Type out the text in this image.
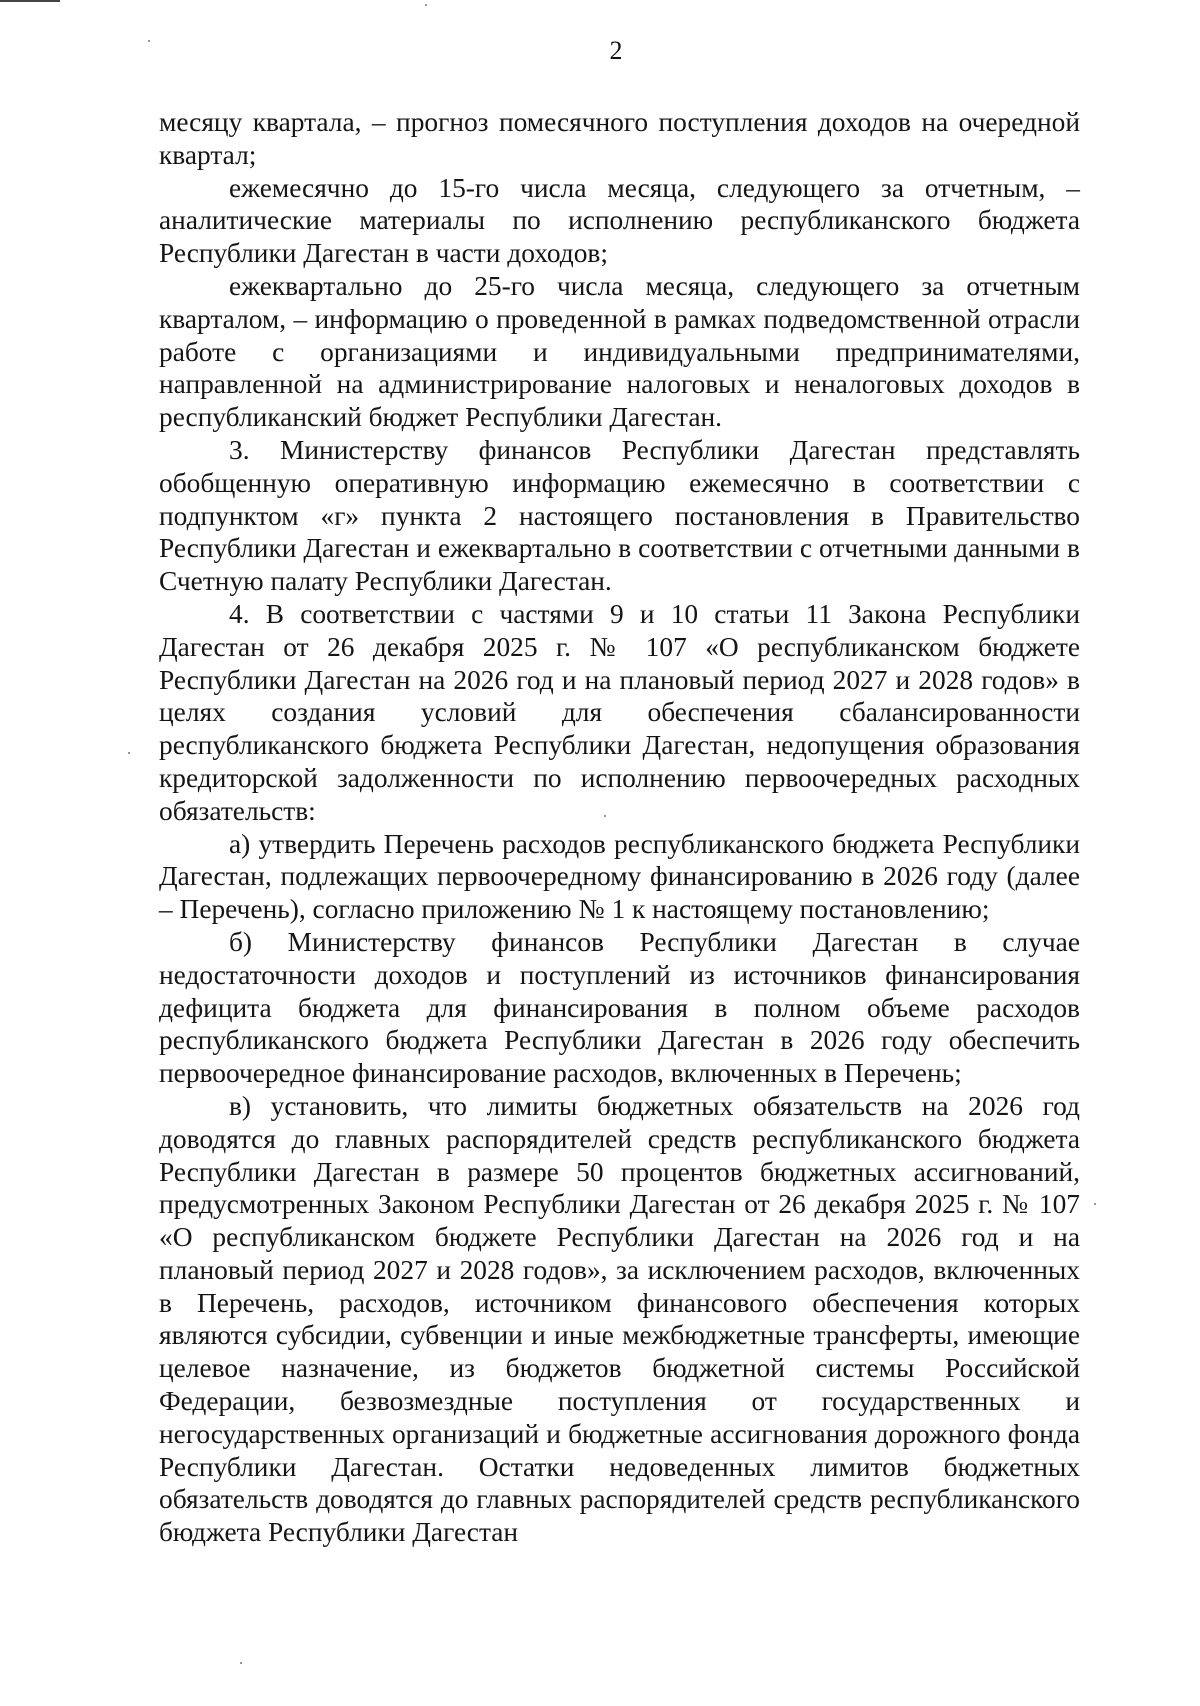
2

месяцу квартала, – прогноз помесячного поступления доходов на очередной квартал;

ежемесячно до 15-го числа месяца, следующего за отчетным, – аналитические материалы по исполнению республиканского бюджета Республики Дагестан в части доходов;

ежеквартально до 25-го числа месяца, следующего за отчетным кварталом, – информацию о проведенной в рамках подведомственной отрасли работе с организациями и индивидуальными предпринимателями, направленной на администрирование налоговых и неналоговых доходов в республиканский бюджет Республики Дагестан.

3. Министерству финансов Республики Дагестан представлять обобщенную оперативную информацию ежемесячно в соответствии с подпунктом «г» пункта 2 настоящего постановления в Правительство Республики Дагестан и ежеквартально в соответствии с отчетными данными в Счетную палату Республики Дагестан.

4. В соответствии с частями 9 и 10 статьи 11 Закона Республики Дагестан от 26 декабря 2025 г. № 107 «О республиканском бюджете Республики Дагестан на 2026 год и на плановый период 2027 и 2028 годов» в целях создания условий для обеспечения сбалансированности республиканского бюджета Республики Дагестан, недопущения образования кредиторской задолженности по исполнению первоочередных расходных обязательств:

а) утвердить Перечень расходов республиканского бюджета Республики Дагестан, подлежащих первоочередному финансированию в 2026 году (далее – Перечень), согласно приложению № 1 к настоящему постановлению;

б) Министерству финансов Республики Дагестан в случае недостаточности доходов и поступлений из источников финансирования дефицита бюджета для финансирования в полном объеме расходов республиканского бюджета Республики Дагестан в 2026 году обеспечить первоочередное финансирование расходов, включенных в Перечень;

в) установить, что лимиты бюджетных обязательств на 2026 год доводятся до главных распорядителей средств республиканского бюджета Республики Дагестан в размере 50 процентов бюджетных ассигнований, предусмотренных Законом Республики Дагестан от 26 декабря 2025 г. № 107 «О республиканском бюджете Республики Дагестан на 2026 год и на плановый период 2027 и 2028 годов», за исключением расходов, включенных в Перечень, расходов, источником финансового обеспечения которых являются субсидии, субвенции и иные межбюджетные трансферты, имеющие целевое назначение, из бюджетов бюджетной системы Российской Федерации, безвозмездные поступления от государственных и негосударственных организаций и бюджетные ассигнования дорожного фонда Республики Дагестан. Остатки недоведенных лимитов бюджетных обязательств доводятся до главных распорядителей средств республиканского бюджета Республики Дагестан
